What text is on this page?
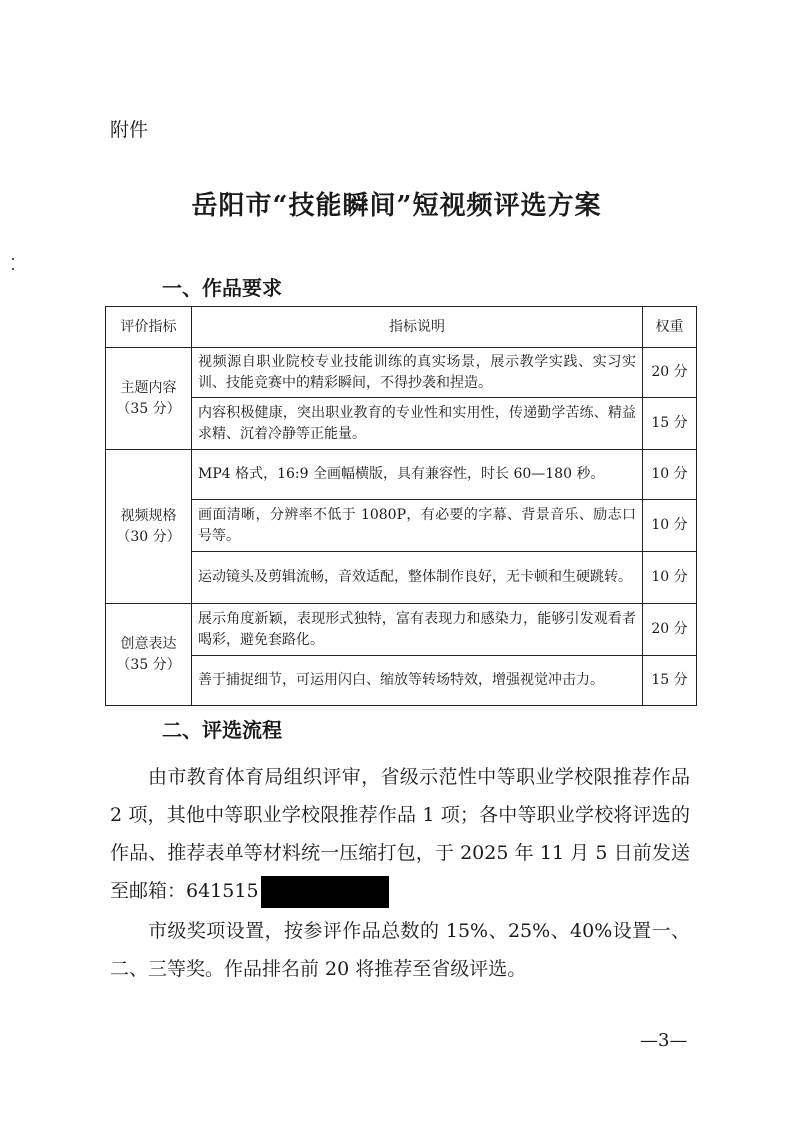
附件
岳阳市“技能瞬间”短视频评选方案
一、作品要求
评价指标	指标说明	权重

主题内容
（35 分）	视频源自职业院校专业技能训练的真实场景，展示教学实践、实习实训、技能竞赛中的精彩瞬间，不得抄袭和捏造。	20 分
	内容积极健康，突出职业教育的专业性和实用性，传递勤学苦练、精益求精、沉着冷静等正能量。	15 分

视频规格
（30 分）	MP4 格式，16:9 全画幅横版，具有兼容性，时长 60—180 秒。	10 分
	画面清晰，分辨率不低于 1080P，有必要的字幕、背景音乐、励志口号等。	10 分
	运动镜头及剪辑流畅，音效适配，整体制作良好，无卡顿和生硬跳转。	10 分

创意表达
（35 分）	展示角度新颖，表现形式独特，富有表现力和感染力，能够引发观看者喝彩，避免套路化。	20 分
	善于捕捉细节，可运用闪白、缩放等转场特效，增强视觉冲击力。	15 分
二、评选流程
由市教育体育局组织评审，省级示范性中等职业学校限推荐作品 2 项，其他中等职业学校限推荐作品 1 项；各中等职业学校将评选的作品、推荐表单等材料统一压缩打包，于 2025 年 11 月 5 日前发送至邮箱：641515
市级奖项设置，按参评作品总数的 15%、25%、40%设置一、二、三等奖。作品排名前 20 将推荐至省级评选。
—3—
